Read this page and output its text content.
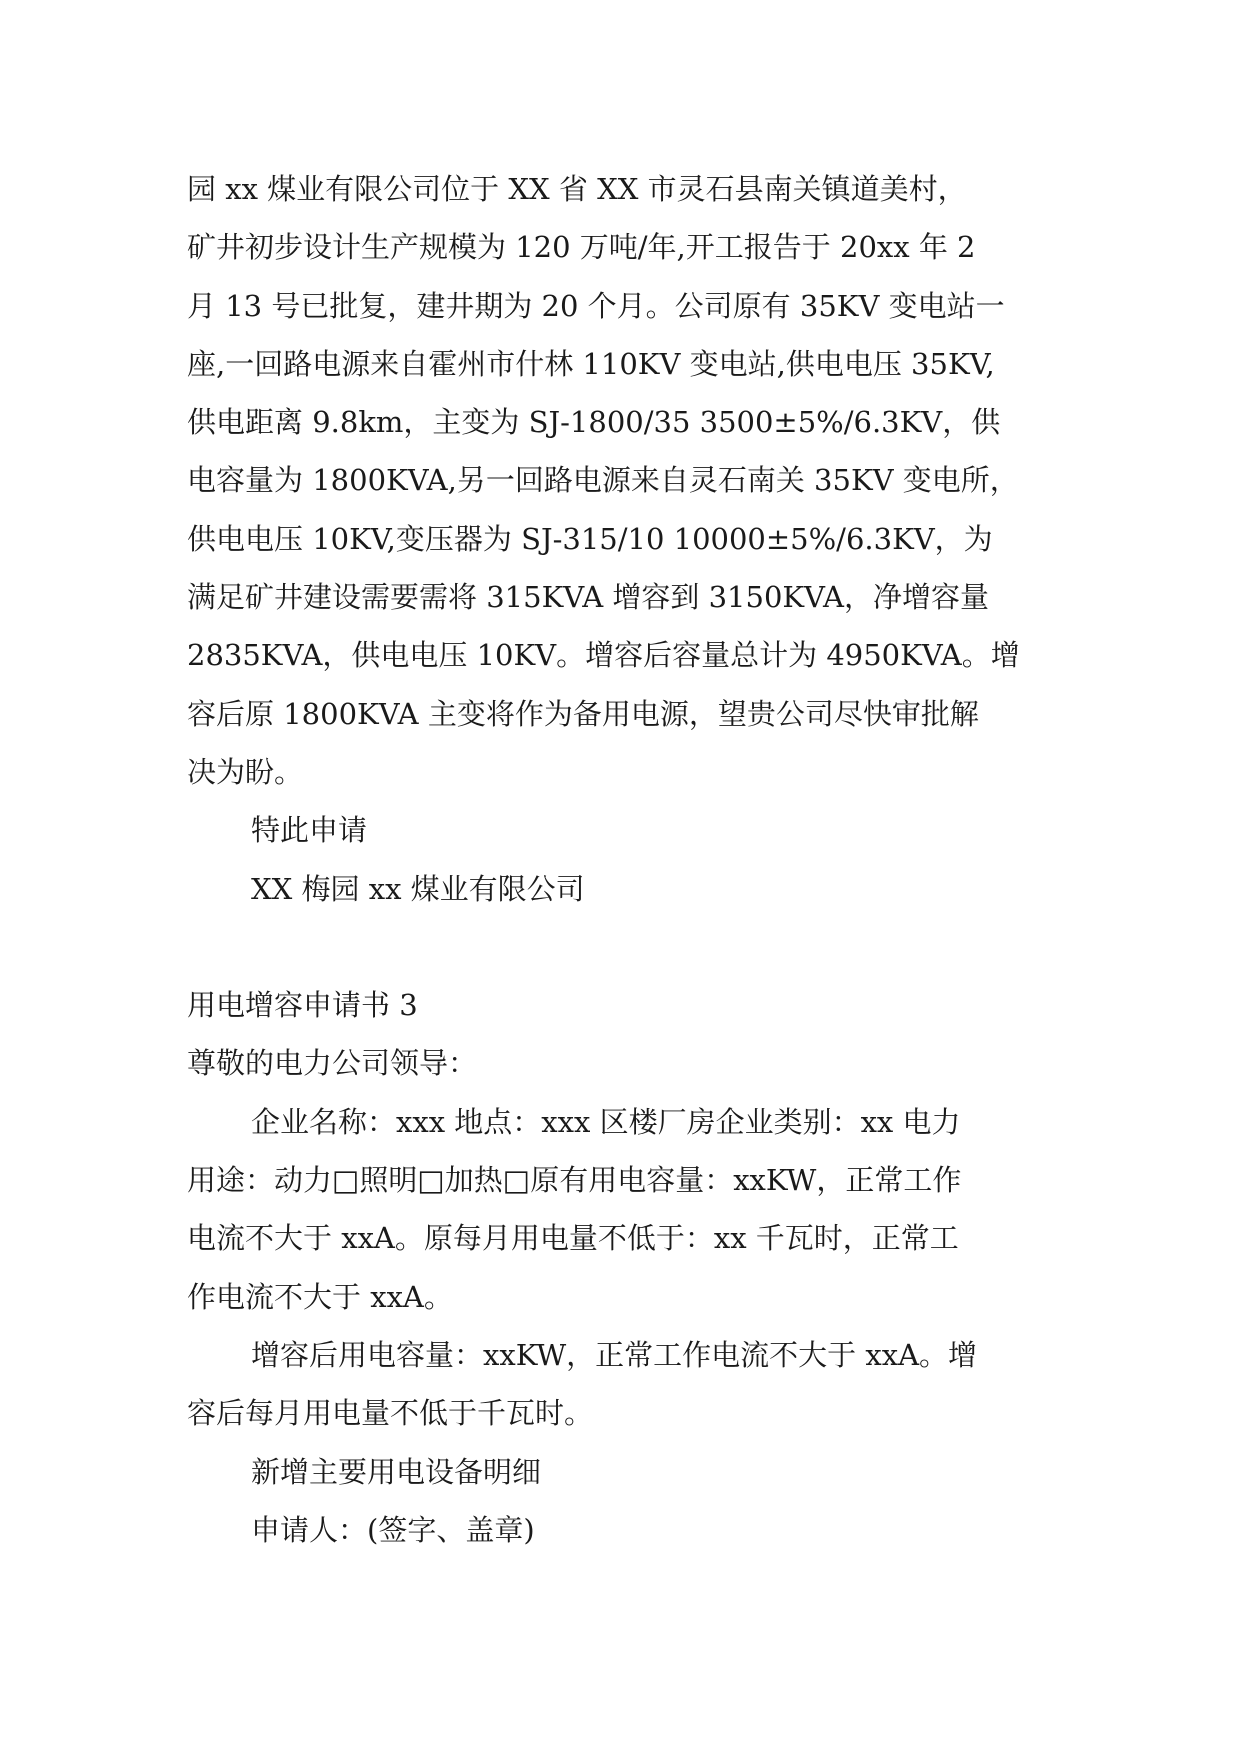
园 xx 煤业有限公司位于 XX 省 XX 市灵石县南关镇道美村，
矿井初步设计生产规模为 120 万吨/年,开工报告于 20xx 年 2
月 13 号已批复，建井期为 20 个月。公司原有 35KV 变电站一
座,一回路电源来自霍州市什林 110KV 变电站,供电电压 35KV,
供电距离 9.8km，主变为 SJ-1800/35 3500±5%/6.3KV，供
电容量为 1800KVA,另一回路电源来自灵石南关 35KV 变电所，
供电电压 10KV,变压器为 SJ-315/10 10000±5%/6.3KV，为
满足矿井建设需要需将 315KVA 增容到 3150KVA，净增容量
2835KVA，供电电压 10KV。增容后容量总计为 4950KVA。增
容后原 1800KVA 主变将作为备用电源，望贵公司尽快审批解
决为盼。
特此申请
XX 梅园 xx 煤业有限公司
用电增容申请书 3
尊敬的电力公司领导：
企业名称：xxx 地点：xxx 区楼厂房企业类别：xx 电力
用途：动力□照明□加热□原有用电容量：xxKW，正常工作
电流不大于 xxA。原每月用电量不低于：xx 千瓦时，正常工
作电流不大于 xxA。
增容后用电容量：xxKW，正常工作电流不大于 xxA。增
容后每月用电量不低于千瓦时。
新增主要用电设备明细
申请人：(签字、盖章)
